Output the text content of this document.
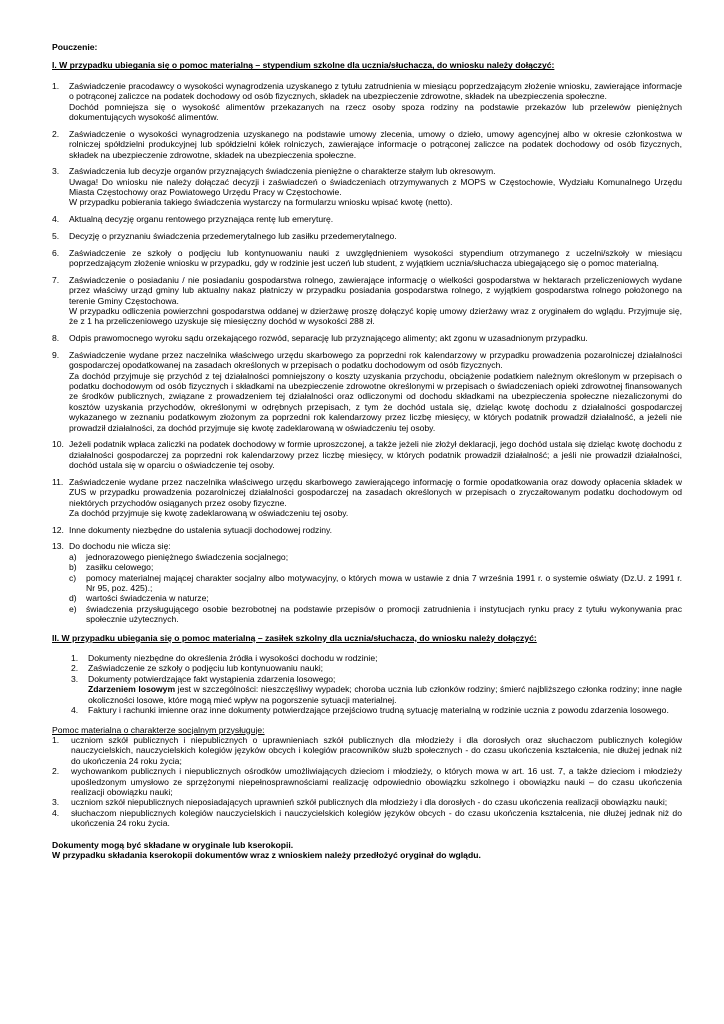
Pouczenie:
I. W przypadku ubiegania się o pomoc materialną – stypendium szkolne dla ucznia/słuchacza, do wniosku należy dołączyć:
1. Zaświadczenie pracodawcy o wysokości wynagrodzenia uzyskanego z tytułu zatrudnienia w miesiącu poprzedzającym złożenie wniosku, zawierające informacje o potrąconej zaliczce na podatek dochodowy od osób fizycznych, składek na ubezpieczenie zdrowotne, składek na ubezpieczenia społeczne.
Dochód pomniejsza się o wysokość alimentów przekazanych na rzecz osoby spoza rodziny na podstawie przekazów lub przelewów pieniężnych dokumentujących wysokość alimentów.
2. Zaświadczenie o wysokości wynagrodzenia uzyskanego na podstawie umowy zlecenia, umowy o dzieło, umowy agencyjnej albo w okresie członkostwa w rolniczej spółdzielni produkcyjnej lub spółdzielni kółek rolniczych, zawierające informacje o potrąconej zaliczce na podatek dochodowy od osób fizycznych, składek na ubezpieczenie zdrowotne, składek na ubezpieczenia społeczne.
3. Zaświadczenia lub decyzje organów przyznających świadczenia pieniężne o charakterze stałym lub okresowym.
Uwaga! Do wniosku nie należy dołączać decyzji i zaświadczeń o świadczeniach otrzymywanych z MOPS w Częstochowie, Wydziału Komunalnego Urzędu Miasta Częstochowy oraz Powiatowego Urzędu Pracy w Częstochowie.
W przypadku pobierania takiego świadczenia wystarczy na formularzu wniosku wpisać kwotę (netto).
4. Aktualną decyzję organu rentowego przyznająca rentę lub emeryturę.
5. Decyzję o przyznaniu świadczenia przedemerytalnego lub zasiłku przedemerytalnego.
6. Zaświadczenie ze szkoły o podjęciu lub kontynuowaniu nauki z uwzględnieniem wysokości stypendium otrzymanego z uczelni/szkoły w miesiącu poprzedzającym złożenie wniosku w przypadku, gdy w rodzinie jest uczeń lub student, z wyjątkiem ucznia/słuchacza ubiegającego się o pomoc materialną.
7. Zaświadczenie o posiadaniu / nie posiadaniu gospodarstwa rolnego, zawierające informację o wielkości gospodarstwa w hektarach przeliczeniowych wydane przez właściwy urząd gminy lub aktualny nakaz płatniczy w przypadku posiadania gospodarstwa rolnego, z wyjątkiem gospodarstwa rolnego położonego na terenie Gminy Częstochowa.
W przypadku odliczenia powierzchni gospodarstwa oddanej w dzierżawę proszę dołączyć kopię umowy dzierżawy wraz z oryginałem do wglądu. Przyjmuje się, że z 1 ha przeliczeniowego uzyskuje się miesięczny dochód w wysokości 288 zł.
8. Odpis prawomocnego wyroku sądu orzekającego rozwód, separację lub przyznającego alimenty; akt zgonu w uzasadnionym przypadku.
9. Zaświadczenie wydane przez naczelnika właściwego urzędu skarbowego za poprzedni rok kalendarzowy w przypadku prowadzenia pozarolniczej działalności gospodarczej opodatkowanej na zasadach określonych w przepisach o podatku dochodowym od osób fizycznych.
Za dochód przyjmuje się przychód z tej działalności pomniejszony o koszty uzyskania przychodu, obciążenie podatkiem należnym określonym w przepisach o podatku dochodowym od osób fizycznych i składkami na ubezpieczenie zdrowotne określonymi w przepisach o świadczeniach opieki zdrowotnej finansowanych ze środków publicznych, związane z prowadzeniem tej działalności oraz odliczonymi od dochodu składkami na ubezpieczenia społeczne niezaliczonymi do kosztów uzyskania przychodów, określonymi w odrębnych przepisach, z tym że dochód ustala się, dzieląc kwotę dochodu z działalności gospodarczej wykazanego w zeznaniu podatkowym złożonym za poprzedni rok kalendarzowy przez liczbę miesięcy, w których podatnik prowadził działalność, a jeżeli nie prowadził działalności, za dochód przyjmuje się kwotę zadeklarowaną w oświadczeniu tej osoby.
10. Jeżeli podatnik wpłaca zaliczki na podatek dochodowy w formie uproszczonej, a także jeżeli nie złożył deklaracji, jego dochód ustala się dzieląc kwotę dochodu z działalności gospodarczej za poprzedni rok kalendarzowy przez liczbę miesięcy, w których podatnik prowadził działalność; a jeśli nie prowadził działalności, dochód ustala się w oparciu o oświadczenie tej osoby.
11. Zaświadczenie wydane przez naczelnika właściwego urzędu skarbowego zawierającego informację o formie opodatkowania oraz dowody opłacenia składek w ZUS w przypadku prowadzenia pozarolniczej działalności gospodarczej na zasadach określonych w przepisach o zryczałtowanym podatku dochodowym od niektórych przychodów osiąganych przez osoby fizyczne.
Za dochód przyjmuje się kwotę zadeklarowaną w oświadczeniu tej osoby.
12. Inne dokumenty niezbędne do ustalenia sytuacji dochodowej rodziny.
13. Do dochodu nie wlicza się:
a) jednorazowego pieniężnego świadczenia socjalnego;
b) zasiłku celowego;
c) pomocy materialnej mającej charakter socjalny albo motywacyjny, o których mowa w ustawie z dnia 7 września 1991 r. o systemie oświaty (Dz.U. z 1991 r. Nr 95, poz. 425).;
d) wartości świadczenia w naturze;
e) świadczenia przysługującego osobie bezrobotnej na podstawie przepisów o promocji zatrudnienia i instytucjach rynku pracy z tytułu wykonywania prac społecznie użytecznych.
II. W przypadku ubiegania się o pomoc materialną – zasiłek szkolny dla ucznia/słuchacza, do wniosku należy dołączyć:
1. Dokumenty niezbędne do określenia źródła i wysokości dochodu w rodzinie;
2. Zaświadczenie ze szkoły o podjęciu lub kontynuowaniu nauki;
3. Dokumenty potwierdzające fakt wystąpienia zdarzenia losowego;
Zdarzeniem losowym jest w szczególności: nieszczęśliwy wypadek; choroba ucznia lub członków rodziny; śmierć najbliższego członka rodziny; inne nagłe okoliczności losowe, które mogą mieć wpływ na pogorszenie sytuacji materialnej.
4. Faktury i rachunki imienne oraz inne dokumenty potwierdzające przejściowo trudną sytuację materialną w rodzinie ucznia z powodu zdarzenia losowego.
Pomoc materialna o charakterze socjalnym przysługuje:
1. uczniom szkół publicznych i niepublicznych o uprawnieniach szkół publicznych dla młodzieży i dla dorosłych oraz słuchaczom publicznych kolegiów nauczycielskich, nauczycielskich kolegiów języków obcych i kolegiów pracowników służb społecznych - do czasu ukończenia kształcenia, nie dłużej jednak niż do ukończenia 24 roku życia;
2. wychowankom publicznych i niepublicznych ośrodków umożliwiających dzieciom i młodzieży, o których mowa w art. 16 ust. 7, a także dzieciom i młodzieży upośledzonym umysłowo ze sprzężonymi niepełnosprawnościami realizację odpowiednio obowiązku szkolnego i obowiązku nauki – do czasu ukończenia realizacji obowiązku nauki;
3. uczniom szkół niepublicznych nieposiadających uprawnień szkół publicznych dla młodzieży i dla dorosłych - do czasu ukończenia realizacji obowiązku nauki;
4. słuchaczom niepublicznych kolegiów nauczycielskich i nauczycielskich kolegiów języków obcych - do czasu ukończenia kształcenia, nie dłużej jednak niż do ukończenia 24 roku życia.
Dokumenty mogą być składane w oryginale lub kserokopii.
W przypadku składania kserokopii dokumentów wraz z wnioskiem należy przedłożyć oryginał do wglądu.
